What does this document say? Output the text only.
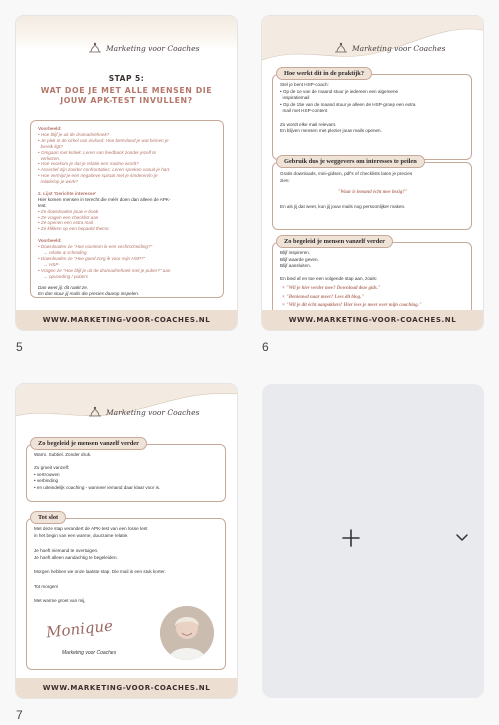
Marketing voor Coaches
STAP 5:
WAT DOE JE MET ALLE MENSEN DIE
JOUW APK-TEST INVULLEN?
Voorbeeld:
• Hoe blijf je uit de dramadriehoek?
• Je plek in de cirkel van invloed: Hoe beïnvloed je wat binnen je
bereik ligt?
• Omgaan met kritiek: Leren van feedback zonder jezelf te
verliezen.
• Hoe voorkom je dat je relatie een routine wordt?
• Assertief zijn zonder confrontaties: Leren spreken vanuit je hart.
• Hoe vermijd je een negatieve spiraal met je kinderen/in je
relatie/op je werk?
2. Lijst 'Gerichte interesse'
Hier komen mensen in terecht die méér doen dan alleen de APK-
test.
• Ze downloaden jouw e-book
• Ze vragen een checklist aan
• Ze openen een extra mail
• Ze klikken op een bepaald thema
Voorbeeld:
• Downloaden ze "Hoe voorkom ik een vechtscheiding?"
→ relatie & scheiding
• Downloaden ze "Hoe goed zorg ik voor mijn HSP?"
→ HSP
• Vragen ze "Hoe blijf je uit de dramadriehoek met je puber?" aan
→ opvoeding / pubers
Dan weet jij: dit raakt ze.
En dan stuur jij mails die precies daarop inspelen.
WWW.MARKETING-VOOR-COACHES.NL
5
Marketing voor Coaches
Hoe werkt dit in de praktijk?
Stel je bent HSP-coach:
• Op de 1e van de maand stuur je iedereen een algemene
inspiratiemail
• Op de 15e van de maand stuur je alleen de HSP-groep een extra
mail met HSP-content
Zo wordt elke mail relevant.
En blijven mensen met plezier jouw mails openen.
Gebruik dus je weggevers om interesses te peilen
Gratis downloads, mini-gidsen, pdf's of checklists laten je precies
zien:
"Waar is iemand écht mee bezig?"
En als jij dat weet, kun jij jouw mails nog persoonlijker maken.
Zo begeleid je mensen vanzelf verder
Blijf inspireren.
Blijf waarde geven.
Blijf aansluiten.
En bied af en toe een volgende stap aan, zoals:
× "Wil je hier verder mee? Download deze gids."
× "Benieuwd naar meer? Lees dit blog."
× "Wil je dit écht aanpakken? Hier lees je meer over mijn coaching."
WWW.MARKETING-VOOR-COACHES.NL
6
Marketing voor Coaches
Zo begeleid je mensen vanzelf verder
Warm. Subtiel. Zonder druk.
Zo groeit vanzelf:
• vertrouwen
• verbinding
• en uiteindelijk coaching - wanneer iemand daar klaar voor is.
Tot slot
Met deze stap verandert de APK-test van een losse test
in het begin van een warme, duurzame relatie.
Je hoeft niemand te overtuigen.
Je hoeft alleen aandachtig te begeleiden.
Morgen hebben we onze laatste stap. Die mail is een stuk korter.
Tot morgen!
Met warme groet van mij,
Monique
Marketing voor Coaches
WWW.MARKETING-VOOR-COACHES.NL
7
